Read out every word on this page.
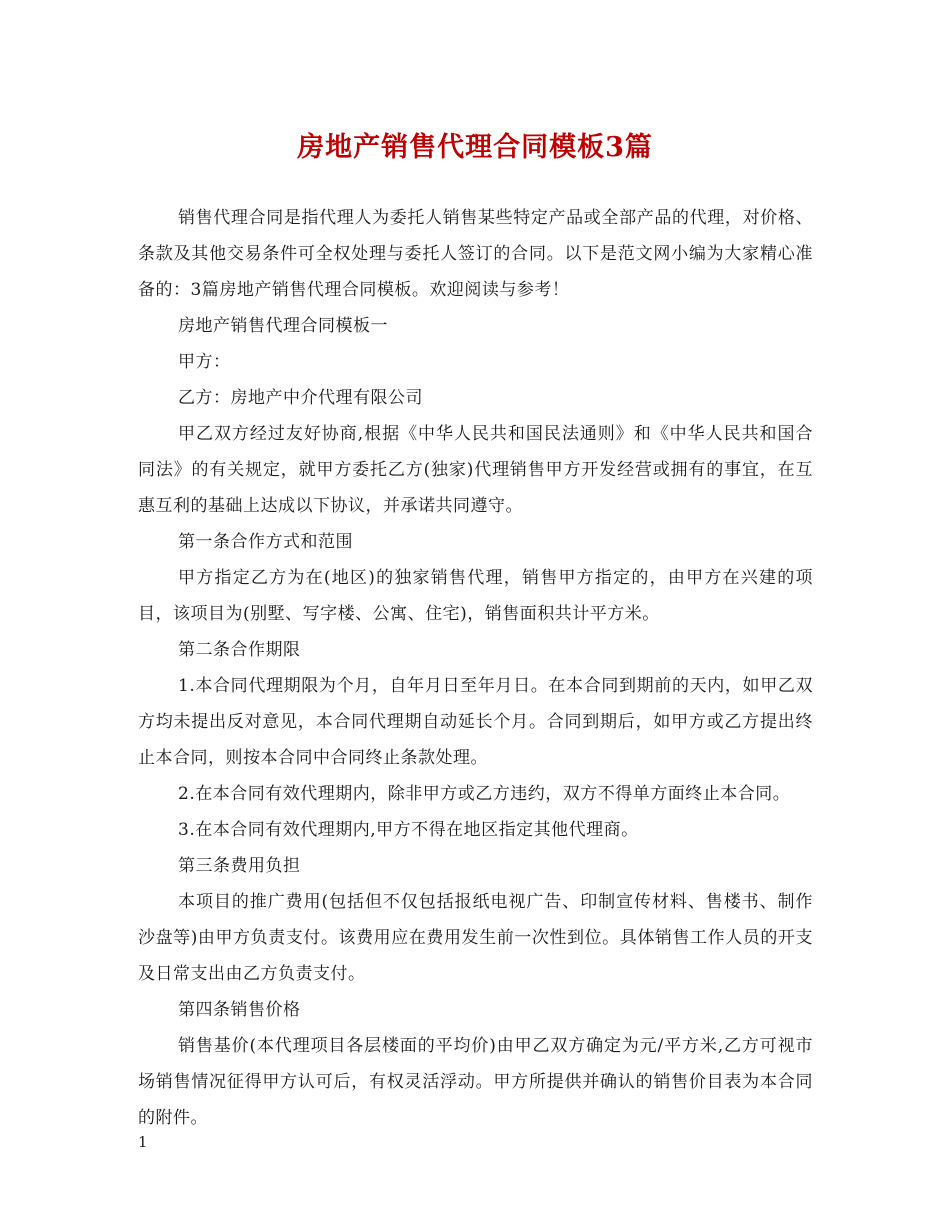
房地产销售代理合同模板3篇

销售代理合同是指代理人为委托人销售某些特定产品或全部产品的代理，对价格、条款及其他交易条件可全权处理与委托人签订的合同。以下是范文网小编为大家精心准备的：3篇房地产销售代理合同模板。欢迎阅读与参考！

房地产销售代理合同模板一

甲方：

乙方：房地产中介代理有限公司

甲乙双方经过友好协商,根据《中华人民共和国民法通则》和《中华人民共和国合同法》的有关规定，就甲方委托乙方(独家)代理销售甲方开发经营或拥有的事宜，在互惠互利的基础上达成以下协议，并承诺共同遵守。

第一条合作方式和范围

甲方指定乙方为在(地区)的独家销售代理，销售甲方指定的，由甲方在兴建的项目，该项目为(别墅、写字楼、公寓、住宅)，销售面积共计平方米。

第二条合作期限

1.本合同代理期限为个月，自年月日至年月日。在本合同到期前的天内，如甲乙双方均未提出反对意见，本合同代理期自动延长个月。合同到期后，如甲方或乙方提出终止本合同，则按本合同中合同终止条款处理。

2.在本合同有效代理期内，除非甲方或乙方违约，双方不得单方面终止本合同。

3.在本合同有效代理期内,甲方不得在地区指定其他代理商。

第三条费用负担

本项目的推广费用(包括但不仅包括报纸电视广告、印制宣传材料、售楼书、制作沙盘等)由甲方负责支付。该费用应在费用发生前一次性到位。具体销售工作人员的开支及日常支出由乙方负责支付。

第四条销售价格

销售基价(本代理项目各层楼面的平均价)由甲乙双方确定为元/平方米,乙方可视市场销售情况征得甲方认可后，有权灵活浮动。甲方所提供并确认的销售价目表为本合同的附件。

1
